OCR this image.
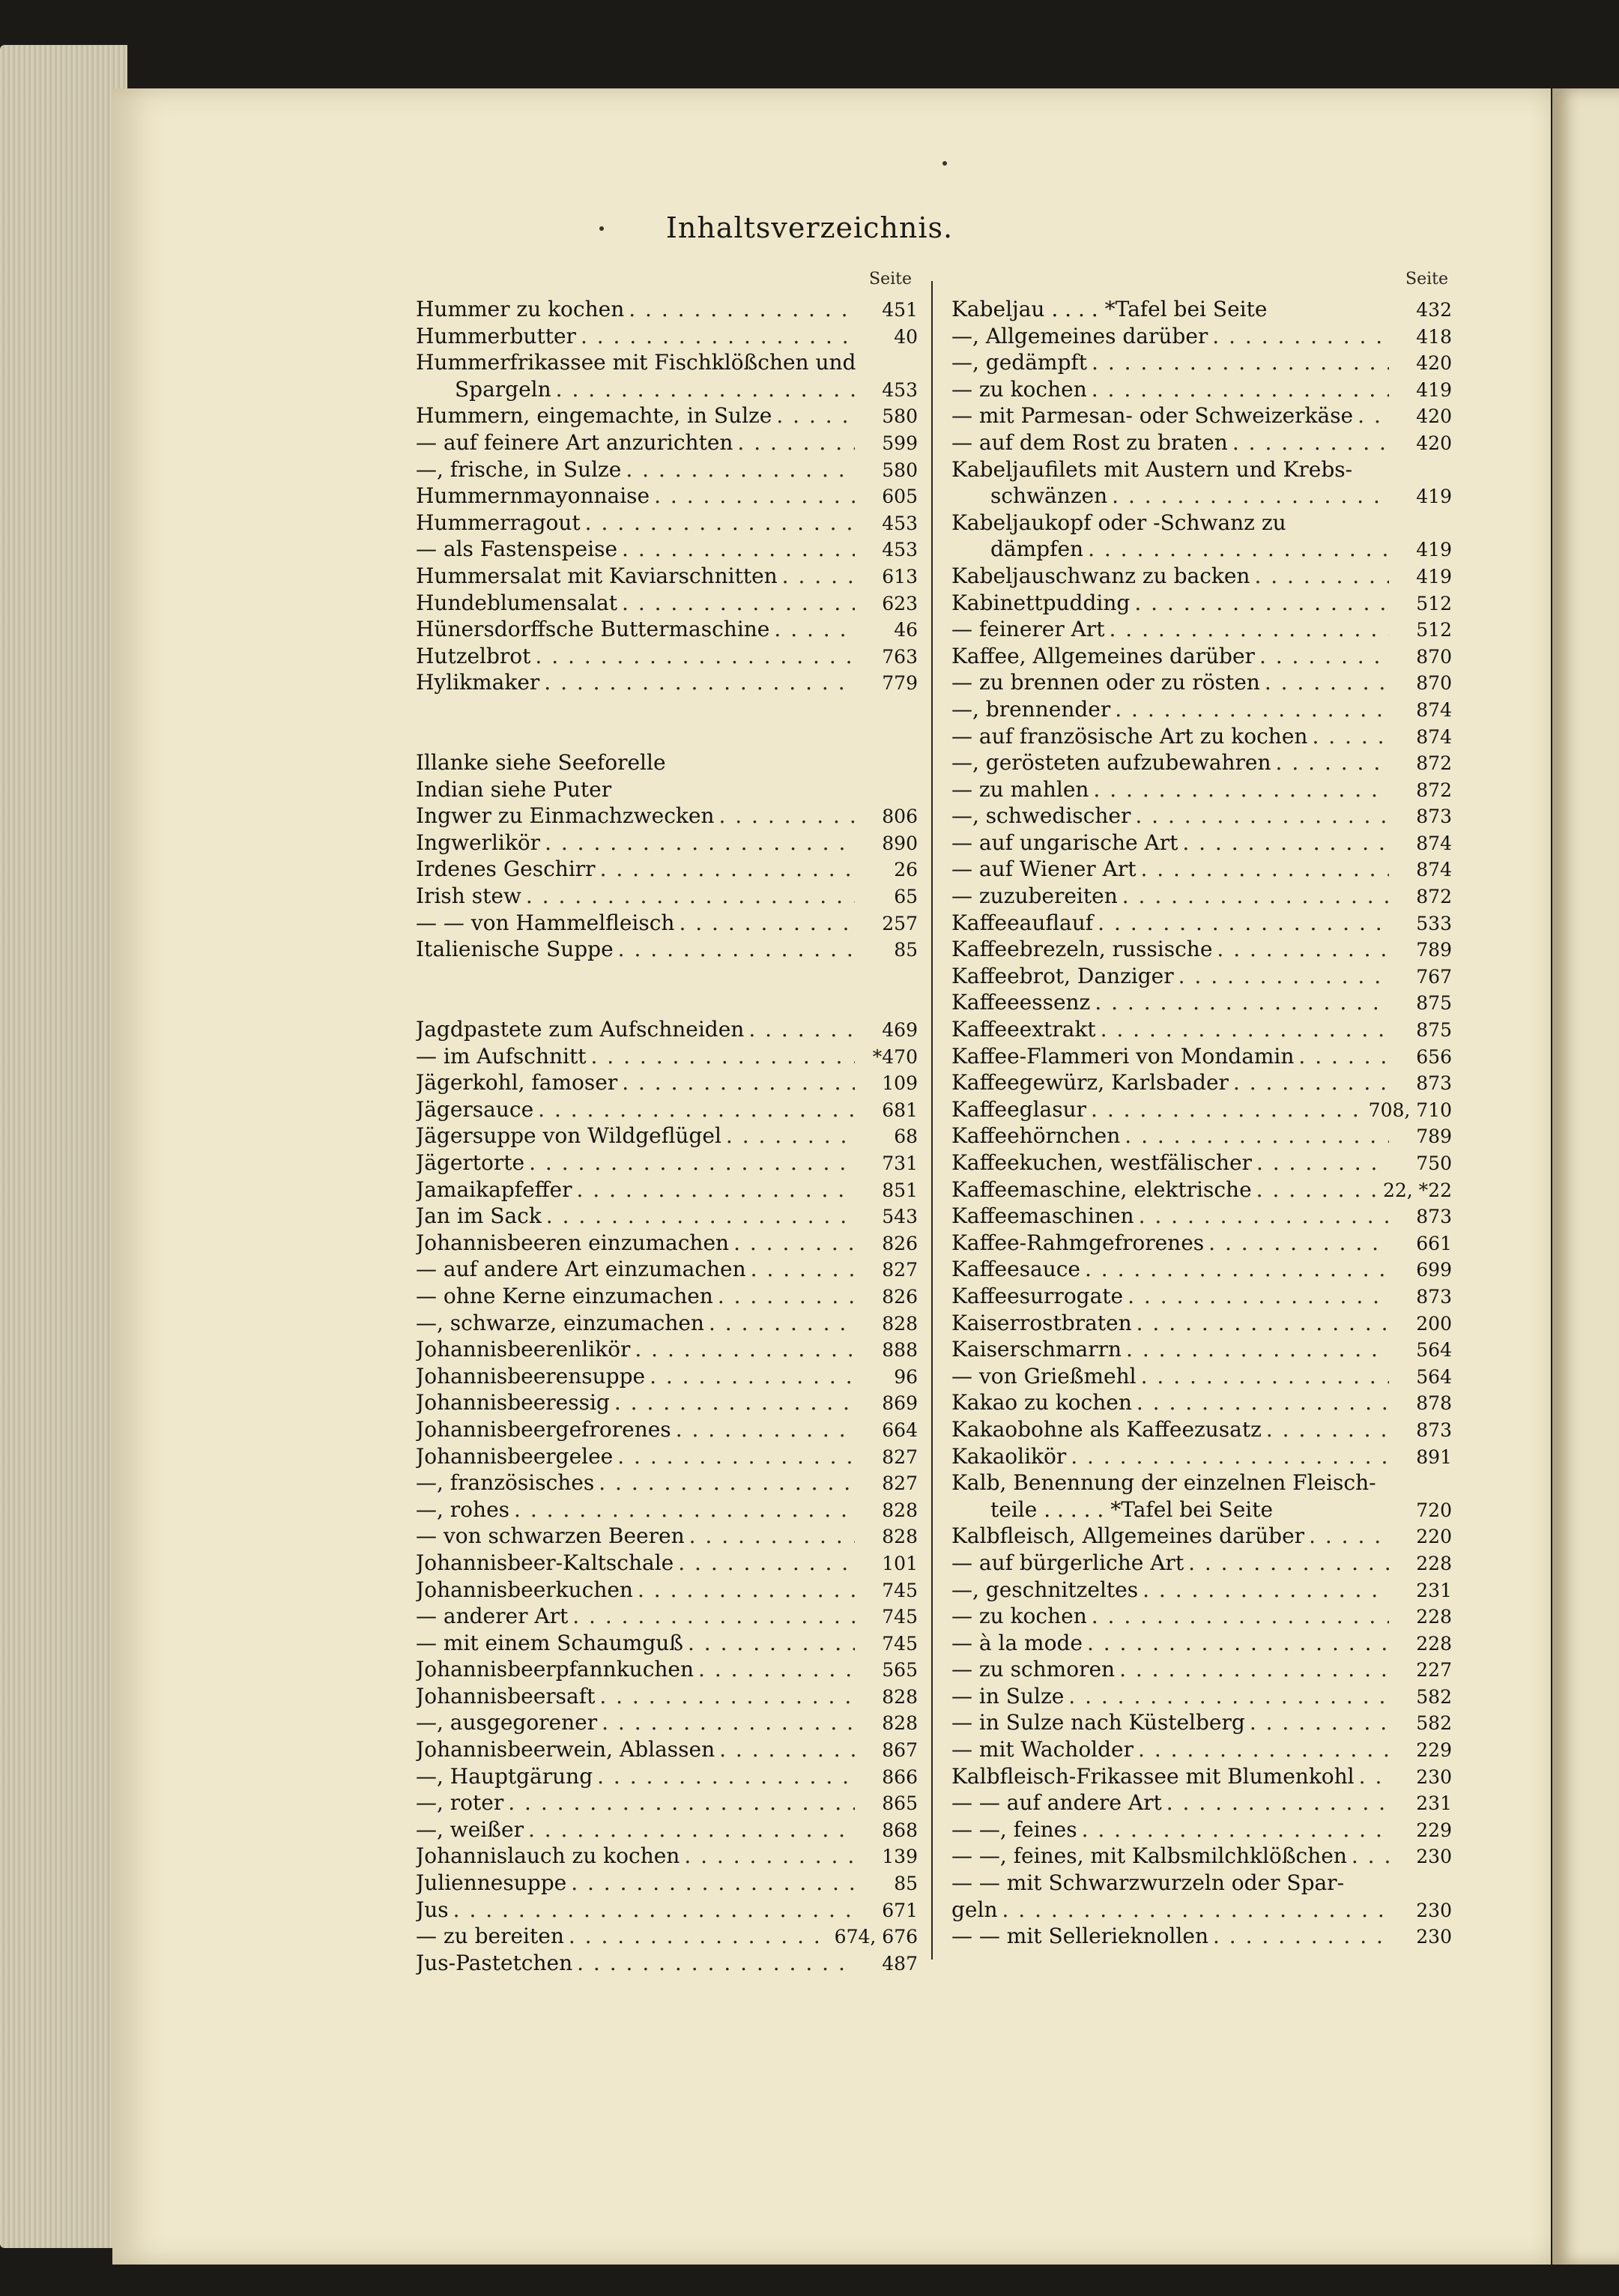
Inhaltsverzeichnis.
Seite	Seite
Hummer zu kochen . . .	451
Hummerbutter . . .	40
Hummerfrikassee mit Fischklößchen und
Spargeln . . .	453
Hummern, eingemachte, in Sulze . . .	580
— auf feinere Art anzurichten . . .	599
—, frische, in Sulze . . .	580
Hummernmayonnaise . . .	605
Hummerragout . . .	453
— als Fastenspeise . . .	453
Hummersalat mit Kaviarschnitten . . .	613
Hundeblumensalat . . .	623
Hünersdorffsche Buttermaschine . . .	46
Hutzelbrot . . .	763
Hylikmaker . . .	779
Illanke siehe Seeforelle
Indian siehe Puter
Ingwer zu Einmachzwecken . . .	806
Ingwerlikör . . .	890
Irdenes Geschirr . . .	26
Irish stew . . .	65
— — von Hammelfleisch . . .	257
Italienische Suppe . . .	85
Jagdpastete zum Aufschneiden . . .	469
— im Aufschnitt . . .	*470
Jägerkohl, famoser . . .	109
Jägersauce . . .	681
Jägersuppe von Wildgeflügel . . .	68
Jägertorte . . .	731
Jamaikapfeffer . . .	851
Jan im Sack . . .	543
Johannisbeeren einzumachen . . .	826
— auf andere Art einzumachen . . .	827
— ohne Kerne einzumachen . . .	826
—, schwarze, einzumachen . . .	828
Johannisbeerenlikör . . .	888
Johannisbeerensuppe . . .	96
Johannisbeeressig . . .	869
Johannisbeergefrorenes . . .	664
Johannisbeergelee . . .	827
—, französisches . . .	827
—, rohes . . .	828
— von schwarzen Beeren . . .	828
Johannisbeer-Kaltschale . . .	101
Johannisbeerkuchen . . .	745
— anderer Art . . .	745
— mit einem Schaumguß . . .	745
Johannisbeerpfannkuchen . . .	565
Johannisbeersaft . . .	828
—, ausgegorener . . .	828
Johannisbeerwein, Ablassen . . .	867
—, Hauptgärung . . .	866
—, roter . . .	865
—, weißer . . .	868
Johannislauch zu kochen . . .	139
Juliennesuppe . . .	85
Jus . . .	671
— zu bereiten . . .	674, 676
Jus-Pastetchen . . .	487
Kabeljau . . . . *Tafel bei Seite	432
—, Allgemeines darüber . . .	418
—, gedämpft . . .	420
— zu kochen . . .	419
— mit Parmesan- oder Schweizerkäse . . .	420
— auf dem Rost zu braten . . .	420
Kabeljaufilets mit Austern und Krebs-
schwänzen . . .	419
Kabeljaukopf oder -Schwanz zu
dämpfen . . .	419
Kabeljauschwanz zu backen . . .	419
Kabinettpudding . . .	512
— feinerer Art . . .	512
Kaffee, Allgemeines darüber . . .	870
— zu brennen oder zu rösten . . .	870
—, brennender . . .	874
— auf französische Art zu kochen . . .	874
—, gerösteten aufzubewahren . . .	872
— zu mahlen . . .	872
—, schwedischer . . .	873
— auf ungarische Art . . .	874
— auf Wiener Art . . .	874
— zuzubereiten . . .	872
Kaffeeauflauf . . .	533
Kaffeebrezeln, russische . . .	789
Kaffeebrot, Danziger . . .	767
Kaffeeessenz . . .	875
Kaffeeextrakt . . .	875
Kaffee-Flammeri von Mondamin . . .	656
Kaffeegewürz, Karlsbader . . .	873
Kaffeeglasur . . .	708, 710
Kaffeehörnchen . . .	789
Kaffeekuchen, westfälischer . . .	750
Kaffeemaschine, elektrische . . .	22, *22
Kaffeemaschinen . . .	873
Kaffee-Rahmgefrorenes . . .	661
Kaffeesauce . . .	699
Kaffeesurrogate . . .	873
Kaiserrostbraten . . .	200
Kaiserschmarrn . . .	564
— von Grießmehl . . .	564
Kakao zu kochen . . .	878
Kakaobohne als Kaffeezusatz . . .	873
Kakaolikör . . .	891
Kalb, Benennung der einzelnen Fleisch-
teile . . . . . *Tafel bei Seite	720
Kalbfleisch, Allgemeines darüber . . .	220
— auf bürgerliche Art . . .	228
—, geschnitzeltes . . .	231
— zu kochen . . .	228
— à la mode . . .	228
— zu schmoren . . .	227
— in Sulze . . .	582
— in Sulze nach Küstelberg . . .	582
— mit Wacholder . . .	229
Kalbfleisch-Frikassee mit Blumenkohl . . .	230
— — auf andere Art . . .	231
— —, feines . . .	229
— —, feines, mit Kalbsmilchklößchen . . .	230
— — mit Schwarzwurzeln oder Spar-
geln . . .	230
— — mit Sellerieknollen . . .	230
